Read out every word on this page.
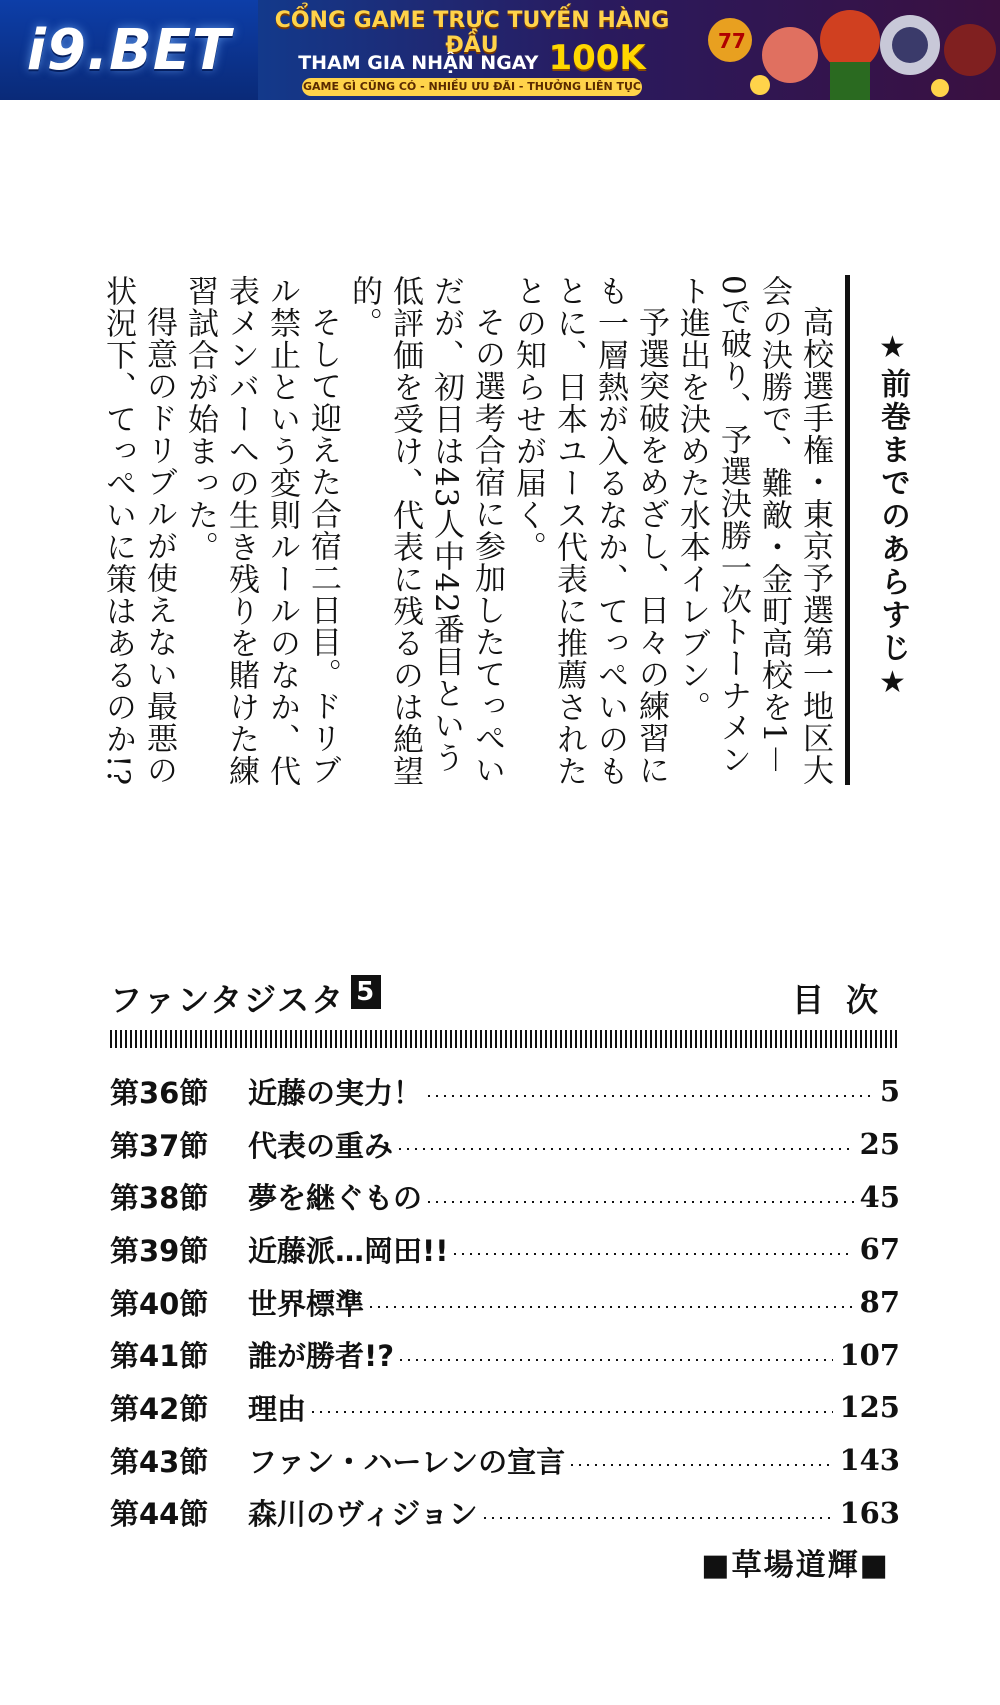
i9.BET	CỔNG GAME TRỰC TUYẾN HÀNG ĐẦU
THAM GIA NHẬN NGAY 100K
GAME GÌ CŨNG CÓ - NHIỀU ƯU ĐÃI - THƯỞNG LIÊN TỤC
77
★前巻までのあらすじ★

高校選手権・東京予選第一地区大会の決勝で、難敵・金町高校を1－0で破り、予選決勝一次トーナメント進出を決めた水本イレブン。

予選突破をめざし、日々の練習にも一層熱が入るなか、てっぺいのもとに、日本ユース代表に推薦されたとの知らせが届く。

その選考合宿に参加したてっぺいだが、初日は43人中42番目という低評価を受け、代表に残るのは絶望的。

そして迎えた合宿二日目。ドリブル禁止という変則ルールのなか、代表メンバーへの生き残りを賭けた練習試合が始まった。

得意のドリブルが使えない最悪の状況下、てっぺいに策はあるのか!?

ファンタジスタ 5	目次
第36節	近藤の実力！	5
第37節	代表の重み	25
第38節	夢を継ぐもの	45
第39節	近藤派…岡田!!	67
第40節	世界標準	87
第41節	誰が勝者!?	107
第42節	理由	125
第43節	ファン・ハーレンの宣言	143
第44節	森川のヴィジョン	163
■草場道輝■
